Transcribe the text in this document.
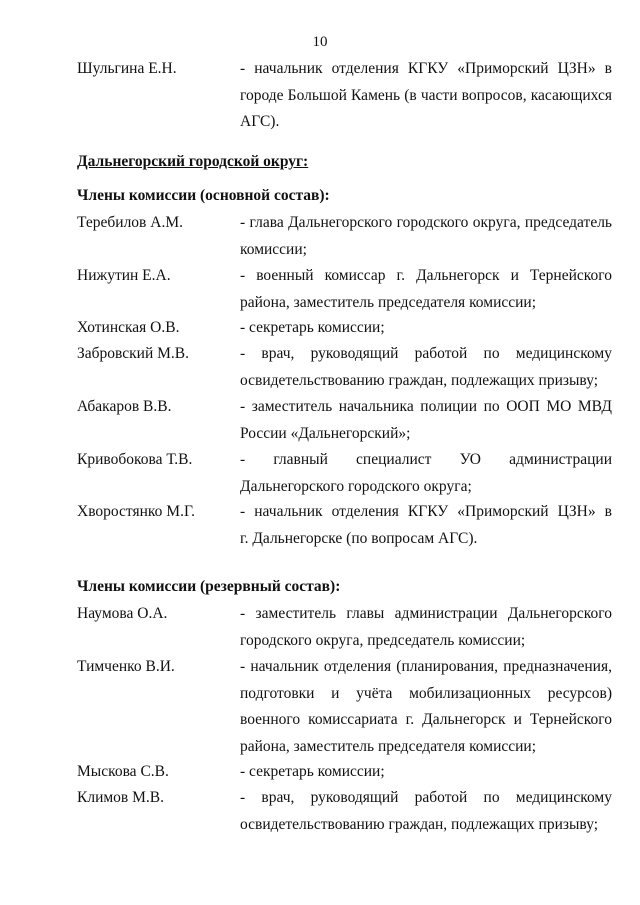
10
Шульгина Е.Н.	- начальник отделения КГКУ «Приморский ЦЗН» в
городе Большой Камень (в части вопросов, касающихся
АГС).
Дальнегорский городской округ:
Члены комиссии (основной состав):
Теребилов А.М.	- глава Дальнегорского городского округа, председатель
комиссии;
Нижутин Е.А.	- военный комиссар г. Дальнегорск и Тернейского
района, заместитель председателя комиссии;
Хотинская О.В.	- секретарь комиссии;
Забровский М.В.	- врач, руководящий работой по медицинскому
освидетельствованию граждан, подлежащих призыву;
Абакаров В.В.	- заместитель начальника полиции по ООП МО МВД
России «Дальнегорский»;
Кривобокова Т.В.	- главный специалист УО администрации
Дальнегорского городского округа;
Хворостянко М.Г.	- начальник отделения КГКУ «Приморский ЦЗН» в
г. Дальнегорске (по вопросам АГС).
Члены комиссии (резервный состав):
Наумова О.А.	- заместитель главы администрации Дальнегорского
городского округа, председатель комиссии;
Тимченко В.И.	- начальник отделения (планирования, предназначения,
подготовки и учёта мобилизационных ресурсов)
военного комиссариата г. Дальнегорск и Тернейского
района, заместитель председателя комиссии;
Мыскова С.В.	- секретарь комиссии;
Климов М.В.	- врач, руководящий работой по медицинскому
освидетельствованию граждан, подлежащих призыву;
